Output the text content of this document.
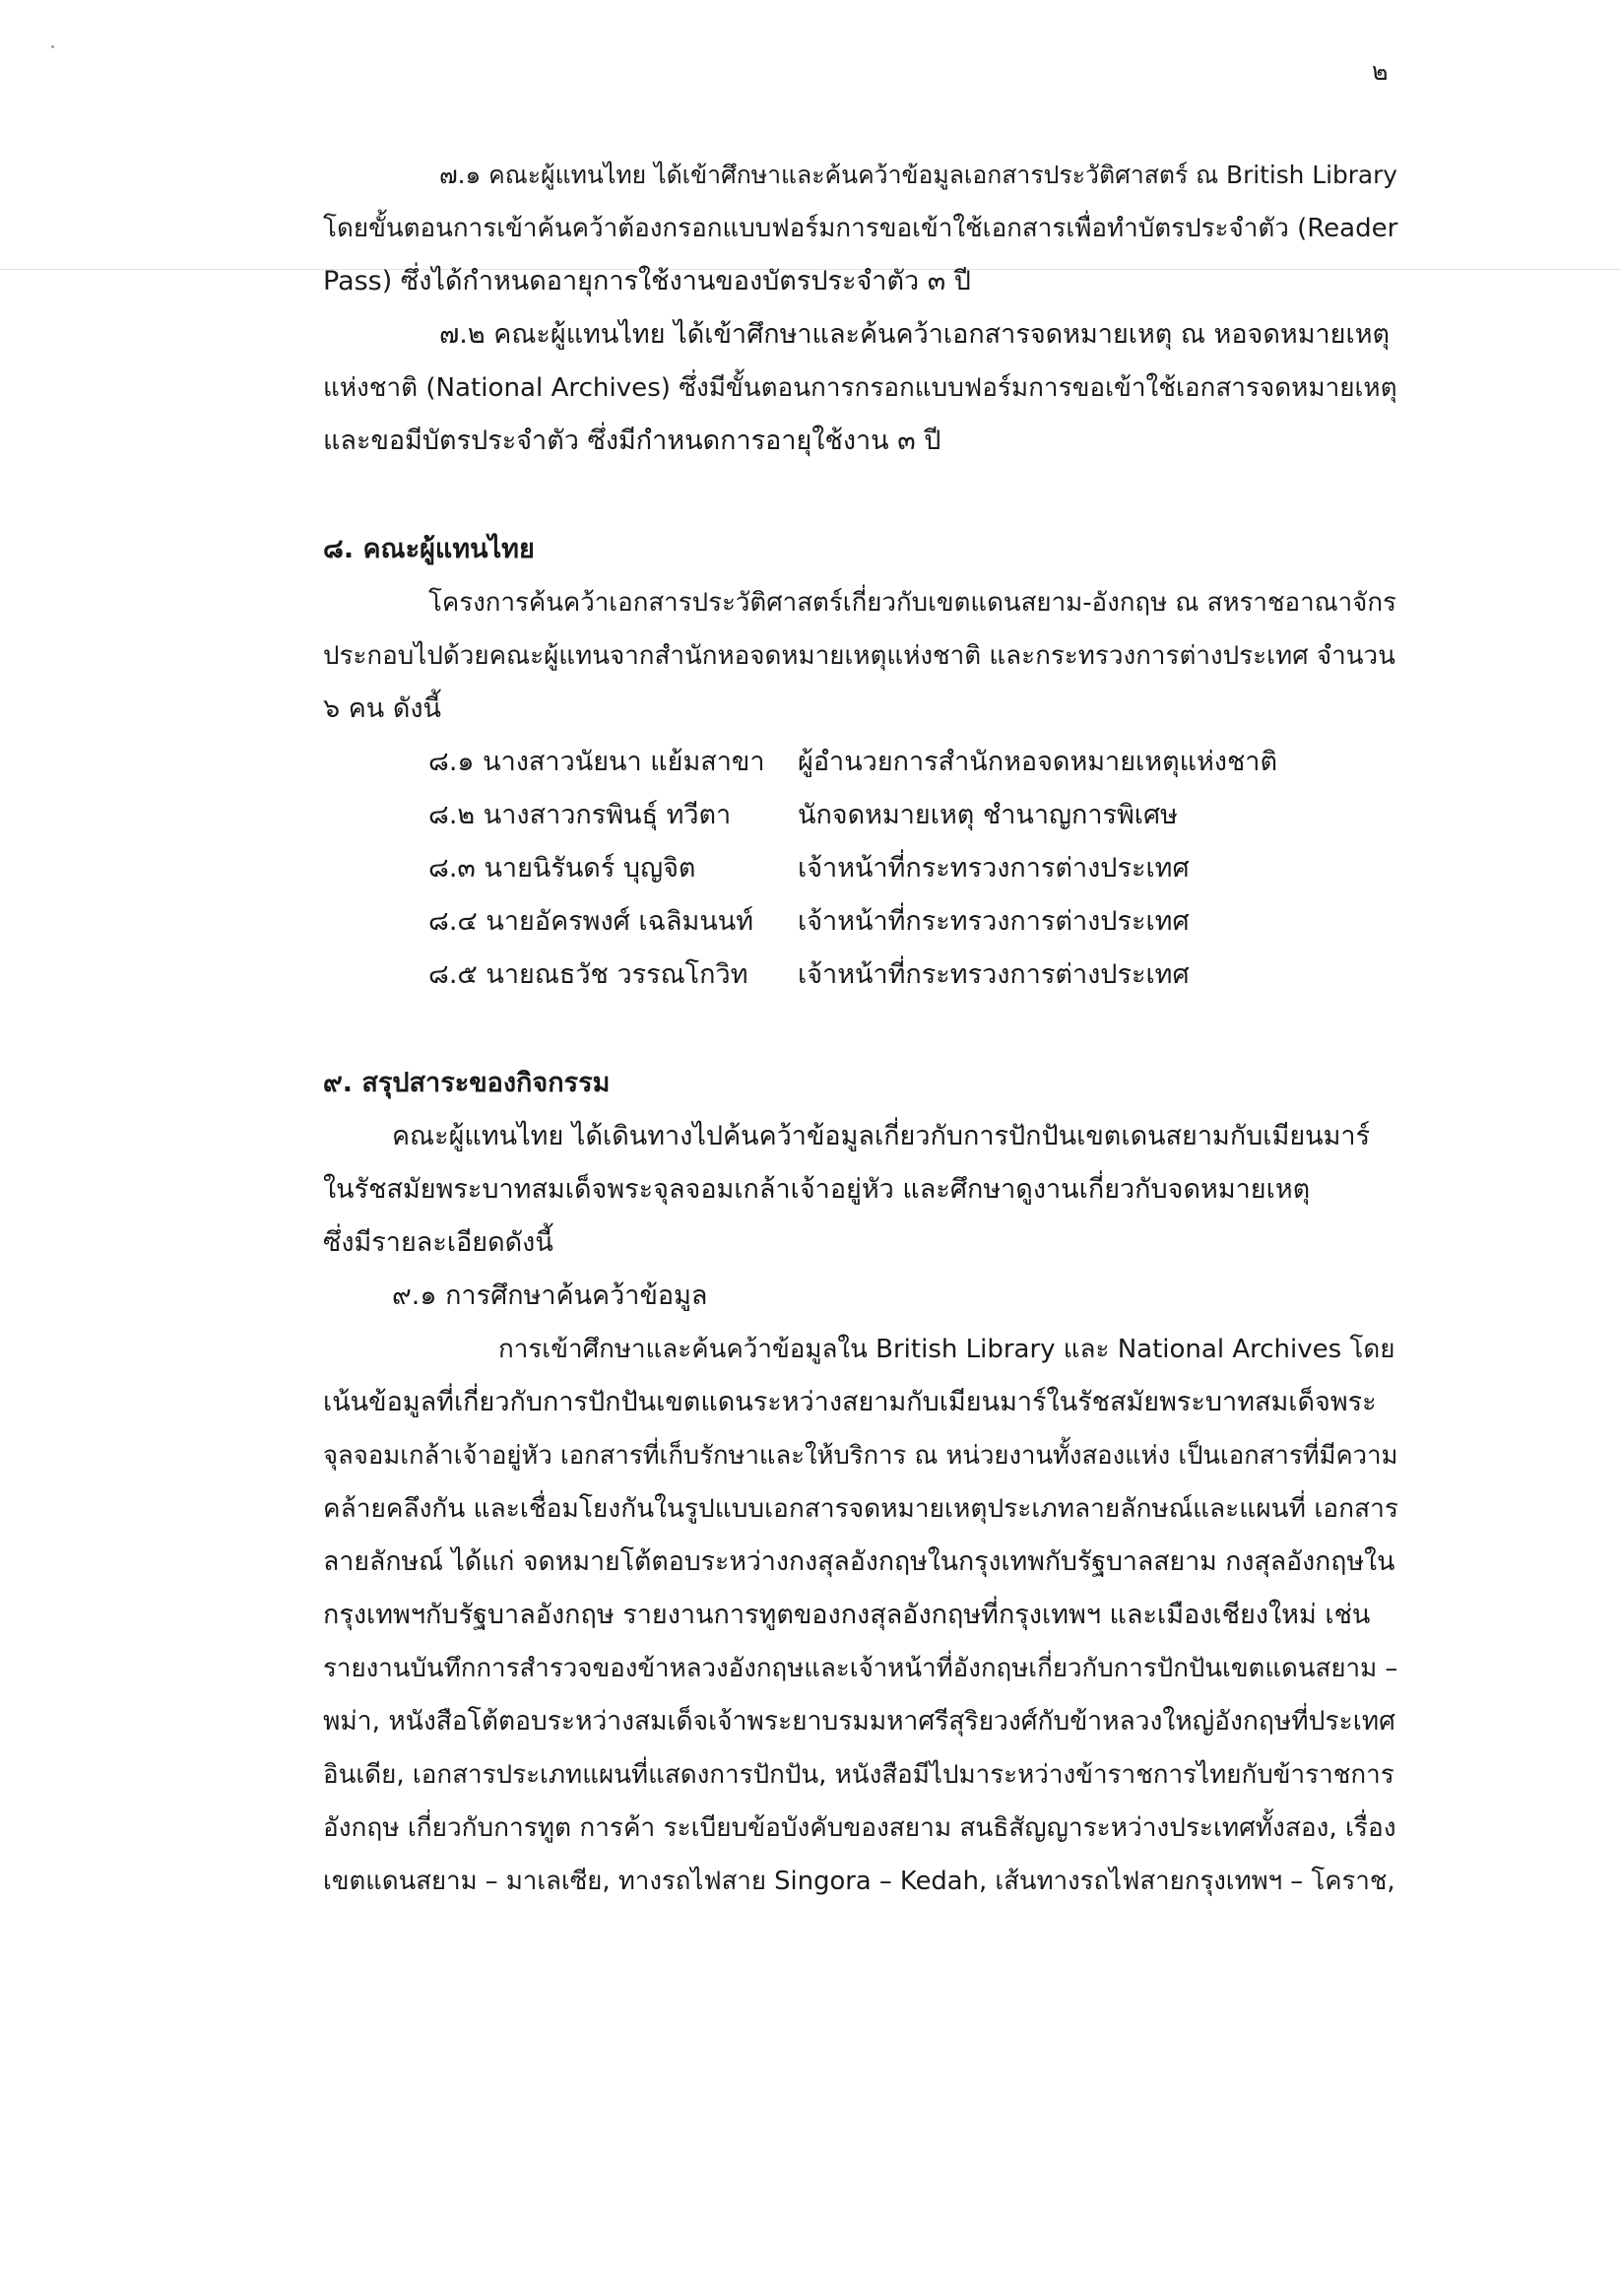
๒
๗.๑ คณะผู้แทนไทย ได้เข้าศึกษาและค้นคว้าข้อมูลเอกสารประวัติศาสตร์ ณ British Library
โดยขั้นตอนการเข้าค้นคว้าต้องกรอกแบบฟอร์มการขอเข้าใช้เอกสารเพื่อทำบัตรประจำตัว (Reader
Pass) ซึ่งได้กำหนดอายุการใช้งานของบัตรประจำตัว ๓ ปี
๗.๒ คณะผู้แทนไทย ได้เข้าศึกษาและค้นคว้าเอกสารจดหมายเหตุ ณ หอจดหมายเหตุ
แห่งชาติ (National Archives) ซึ่งมีขั้นตอนการกรอกแบบฟอร์มการขอเข้าใช้เอกสารจดหมายเหตุ
และขอมีบัตรประจำตัว ซึ่งมีกำหนดการอายุใช้งาน ๓ ปี
๘. คณะผู้แทนไทย
โครงการค้นคว้าเอกสารประวัติศาสตร์เกี่ยวกับเขตแดนสยาม-อังกฤษ ณ สหราชอาณาจักร
ประกอบไปด้วยคณะผู้แทนจากสำนักหอจดหมายเหตุแห่งชาติ และกระทรวงการต่างประเทศ จำนวน
๖ คน ดังนี้
๘.๑ นางสาวนัยนา แย้มสาขา ผู้อำนวยการสำนักหอจดหมายเหตุแห่งชาติ
๘.๒ นางสาวกรพินธุ์ ทวีตา	นักจดหมายเหตุ ชำนาญการพิเศษ
๘.๓ นายนิรันดร์ บุญจิต	เจ้าหน้าที่กระทรวงการต่างประเทศ
๘.๔ นายอัครพงศ์ เฉลิมนนท์ เจ้าหน้าที่กระทรวงการต่างประเทศ
๘.๕ นายณธวัช วรรณโกวิท เจ้าหน้าที่กระทรวงการต่างประเทศ
๙. สรุปสาระของกิจกรรม
คณะผู้แทนไทย ได้เดินทางไปค้นคว้าข้อมูลเกี่ยวกับการปักปันเขตเดนสยามกับเมียนมาร์
ในรัชสมัยพระบาทสมเด็จพระจุลจอมเกล้าเจ้าอยู่หัว และศึกษาดูงานเกี่ยวกับจดหมายเหตุ
ซึ่งมีรายละเอียดดังนี้
๙.๑ การศึกษาค้นคว้าข้อมูล
การเข้าศึกษาและค้นคว้าข้อมูลใน British Library และ National Archives โดย
เน้นข้อมูลที่เกี่ยวกับการปักปันเขตแดนระหว่างสยามกับเมียนมาร์ในรัชสมัยพระบาทสมเด็จพระ
จุลจอมเกล้าเจ้าอยู่หัว เอกสารที่เก็บรักษาและให้บริการ ณ หน่วยงานทั้งสองแห่ง เป็นเอกสารที่มีความ
คล้ายคลึงกัน และเชื่อมโยงกันในรูปแบบเอกสารจดหมายเหตุประเภทลายลักษณ์และแผนที่ เอกสาร
ลายลักษณ์ ได้แก่ จดหมายโต้ตอบระหว่างกงสุลอังกฤษในกรุงเทพกับรัฐบาลสยาม กงสุลอังกฤษใน
กรุงเทพฯกับรัฐบาลอังกฤษ รายงานการทูตของกงสุลอังกฤษที่กรุงเทพฯ และเมืองเชียงใหม่ เช่น
รายงานบันทึกการสำรวจของข้าหลวงอังกฤษและเจ้าหน้าที่อังกฤษเกี่ยวกับการปักปันเขตแดนสยาม –
พม่า, หนังสือโต้ตอบระหว่างสมเด็จเจ้าพระยาบรมมหาศรีสุริยวงศ์กับข้าหลวงใหญ่อังกฤษที่ประเทศ
อินเดีย, เอกสารประเภทแผนที่แสดงการปักปัน, หนังสือมีไปมาระหว่างข้าราชการไทยกับข้าราชการ
อังกฤษ เกี่ยวกับการทูต การค้า ระเบียบข้อบังคับของสยาม สนธิสัญญาระหว่างประเทศทั้งสอง, เรื่อง
เขตแดนสยาม – มาเลเซีย, ทางรถไฟสาย Singora – Kedah, เส้นทางรถไฟสายกรุงเทพฯ – โคราช,
